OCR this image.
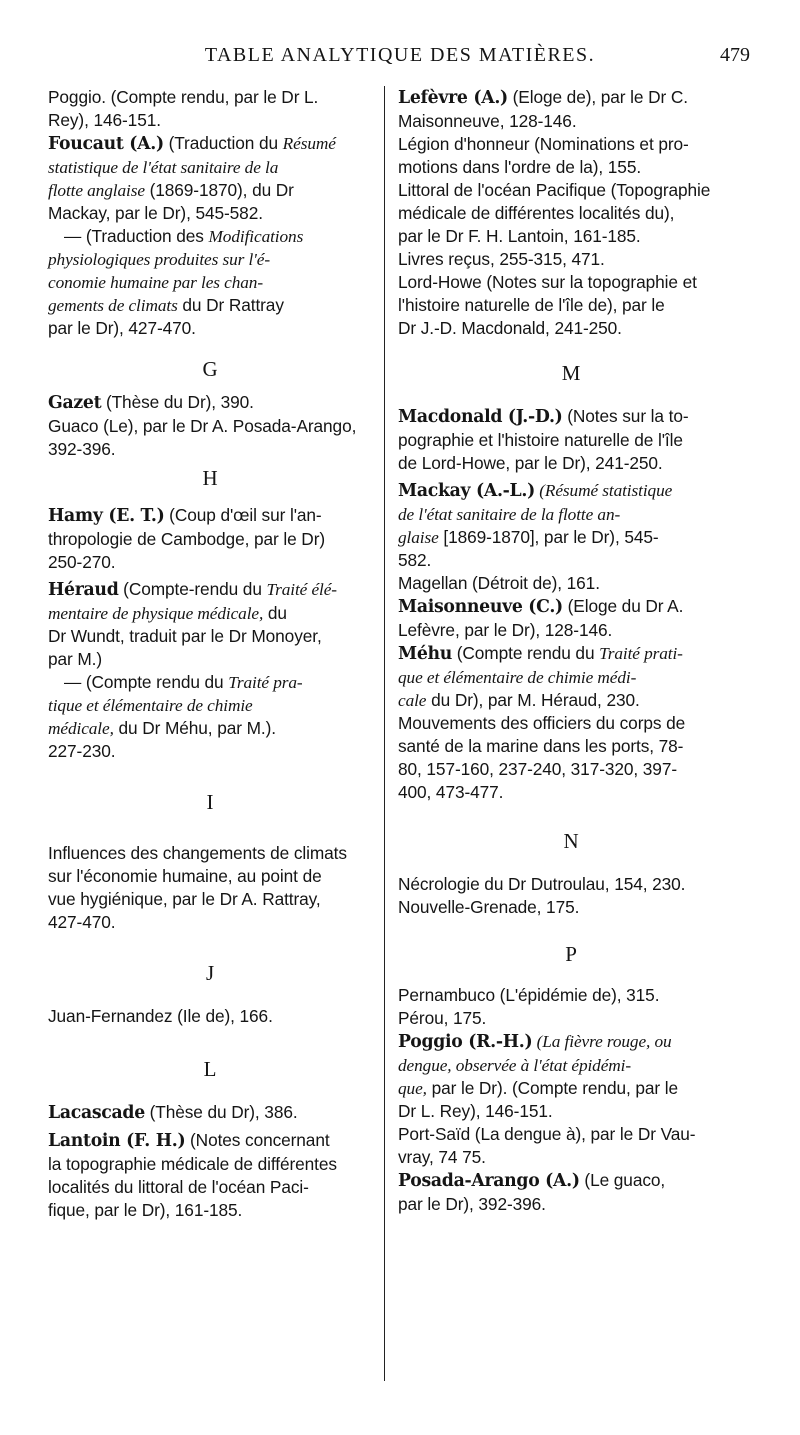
TABLE ANALYTIQUE DES MATIÈRES.	479
Poggio. (Compte rendu, par le Dr L.
Rey), 146-151.
Foucaut (A.) (Traduction du Résumé
statistique de l'état sanitaire de la
flotte anglaise (1869-1870), du Dr
Mackay, par le Dr), 545-582.
— (Traduction des Modifications
physiologiques produites sur l'é-
conomie humaine par les chan-
gements de climats du Dr Rattray
par le Dr), 427-470.
G
Gazet (Thèse du Dr), 390.
Guaco (Le), par le Dr A. Posada-Arango,
392-396.
H
Hamy (E. T.) (Coup d'œil sur l'an-
thropologie de Cambodge, par le Dr)
250-270.
Héraud (Compte-rendu du Traité élé-
mentaire de physique médicale, du
Dr Wundt, traduit par le Dr Monoyer,
par M.)
— (Compte rendu du Traité pra-
tique et élémentaire de chimie
médicale, du Dr Méhu, par M.).
227-230.
I
Influences des changements de climats
sur l'économie humaine, au point de
vue hygiénique, par le Dr A. Rattray,
427-470.
J
Juan-Fernandez (Ile de), 166.
L
Lacascade (Thèse du Dr), 386.
Lantoin (F. H.) (Notes concernant
la topographie médicale de différentes
localités du littoral de l'océan Paci-
fique, par le Dr), 161-185.
Lefèvre (A.) (Eloge de), par le Dr C.
Maisonneuve, 128-146.
Légion d'honneur (Nominations et pro-
motions dans l'ordre de la), 155.
Littoral de l'océan Pacifique (Topographie
médicale de différentes localités du),
par le Dr F. H. Lantoin, 161-185.
Livres reçus, 255-315, 471.
Lord-Howe (Notes sur la topographie et
l'histoire naturelle de l'île de), par le
Dr J.-D. Macdonald, 241-250.
M
Macdonald (J.-D.) (Notes sur la to-
pographie et l'histoire naturelle de l'île
de Lord-Howe, par le Dr), 241-250.
Mackay (A.-L.) (Résumé statistique
de l'état sanitaire de la flotte an-
glaise [1869-1870], par le Dr), 545-
582.
Magellan (Détroit de), 161.
Maisonneuve (C.) (Eloge du Dr A.
Lefèvre, par le Dr), 128-146.
Méhu (Compte rendu du Traité prati-
que et élémentaire de chimie médi-
cale du Dr), par M. Héraud, 230.
Mouvements des officiers du corps de
santé de la marine dans les ports, 78-
80, 157-160, 237-240, 317-320, 397-
400, 473-477.
N
Nécrologie du Dr Dutroulau, 154, 230.
Nouvelle-Grenade, 175.
P
Pernambuco (L'épidémie de), 315.
Pérou, 175.
Poggio (R.-H.) (La fièvre rouge, ou
dengue, observée à l'état épidémi-
que, par le Dr). (Compte rendu, par le
Dr L. Rey), 146-151.
Port-Saïd (La dengue à), par le Dr Vau-
vray, 74 75.
Posada-Arango (A.) (Le guaco,
par le Dr), 392-396.
